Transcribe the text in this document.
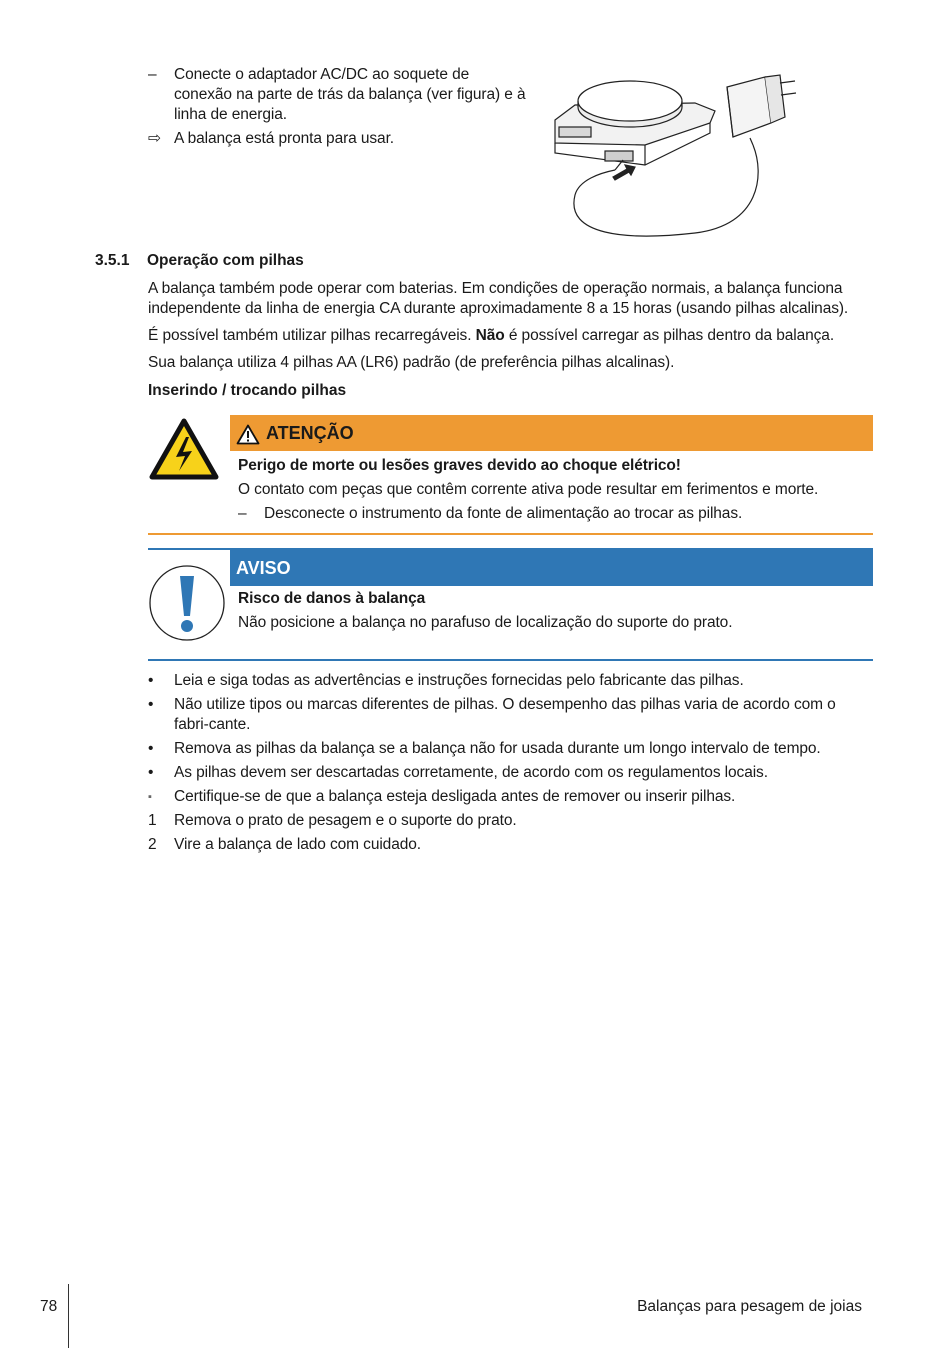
–	Conecte o adaptador AC/DC ao soquete de conexão na parte de trás da balança (ver figura) e à linha de energia.
⇨ A balança está pronta para usar.
3.5.1 Operação com pilhas

A balança também pode operar com baterias. Em condições de operação normais, a balança funciona independente da linha de energia CA durante aproximadamente 8 a 15 horas (usando pilhas alcalinas).

É possível também utilizar pilhas recarregáveis. Não é possível carregar as pilhas dentro da balança.

Sua balança utiliza 4 pilhas AA (LR6) padrão (de preferência pilhas alcalinas).

Inserindo / trocando pilhas
ATENÇÃO
Perigo de morte ou lesões graves devido ao choque elétrico!
O contato com peças que contêm corrente ativa pode resultar em ferimentos e morte.
–	Desconecte o instrumento da fonte de alimentação ao trocar as pilhas.
AVISO
Risco de danos à balança
Não posicione a balança no parafuso de localização do suporte do prato.
•	Leia e siga todas as advertências e instruções fornecidas pelo fabricante das pilhas.
•	Não utilize tipos ou marcas diferentes de pilhas. O desempenho das pilhas varia de acordo com o fabri-cante.
•	Remova as pilhas da balança se a balança não for usada durante um longo intervalo de tempo.
•	As pilhas devem ser descartadas corretamente, de acordo com os regulamentos locais.
▪	Certifique-se de que a balança esteja desligada antes de remover ou inserir pilhas.
1	Remova o prato de pesagem e o suporte do prato.
2	Vire a balança de lado com cuidado.
78	Balanças para pesagem de joias
